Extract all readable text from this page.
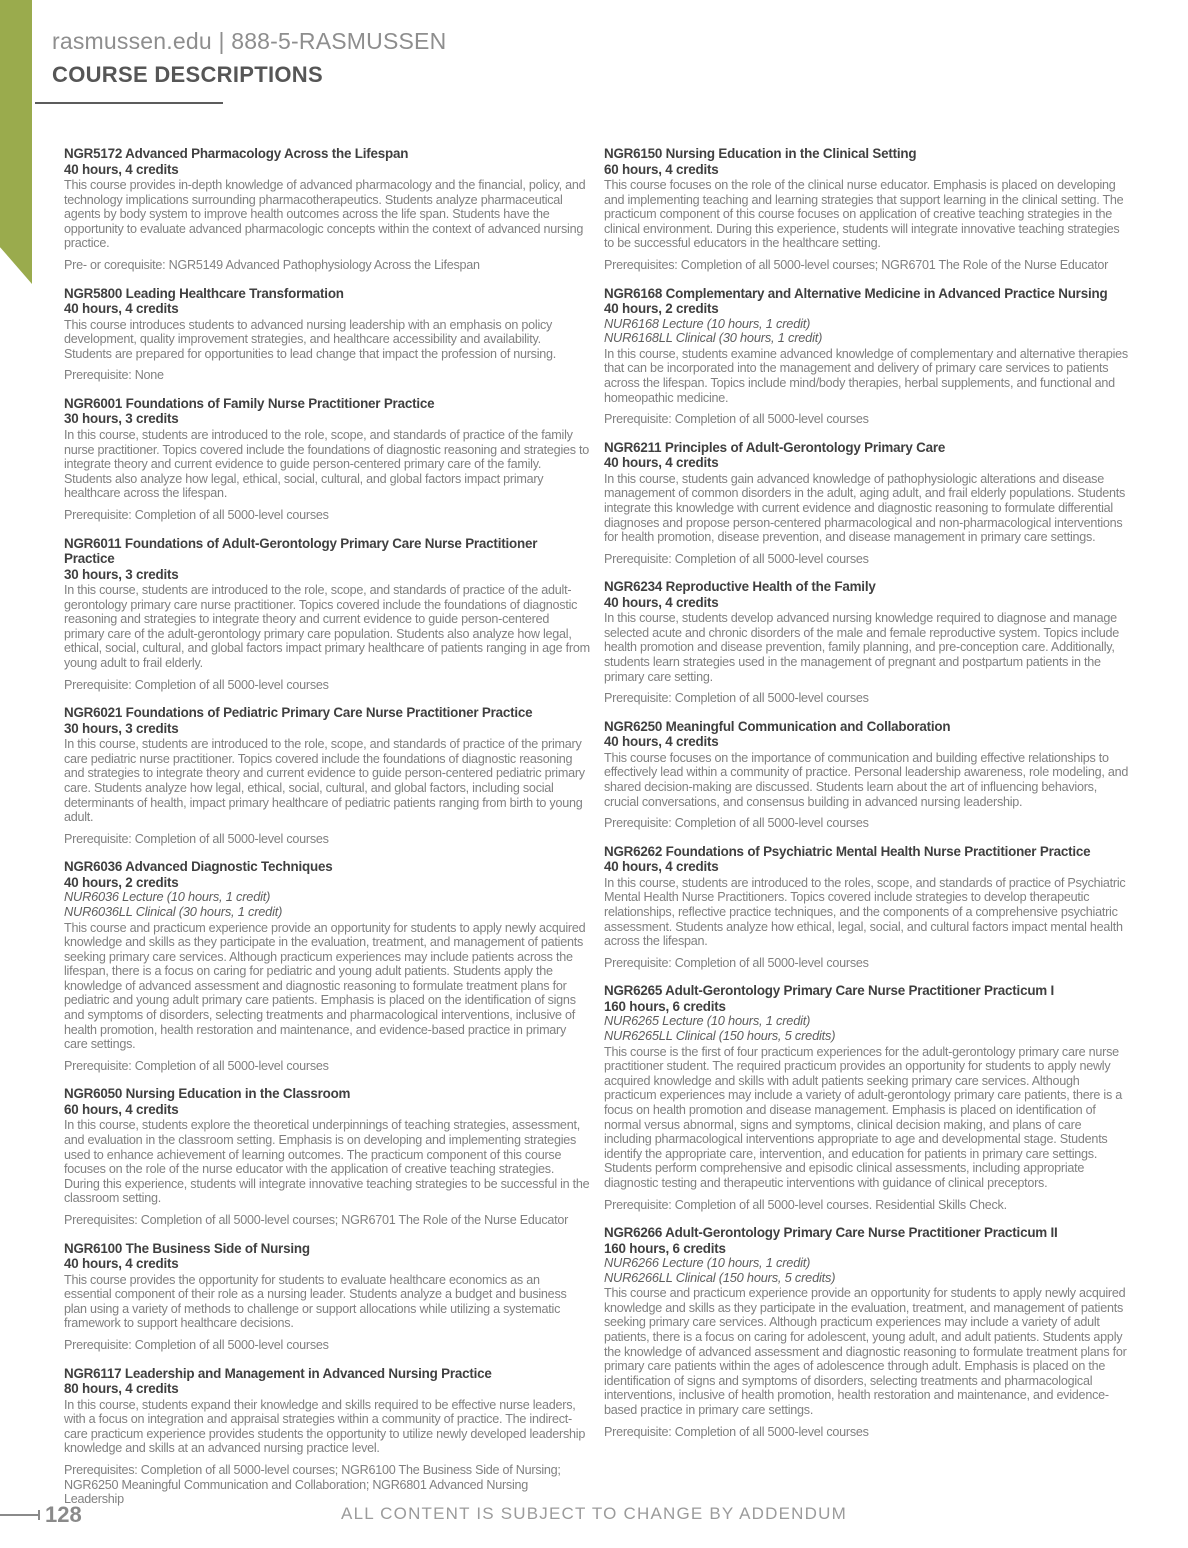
rasmussen.edu | 888-5-RASMUSSEN
COURSE DESCRIPTIONS
NGR5172 Advanced Pharmacology Across the Lifespan
40 hours, 4 credits

This course provides in-depth knowledge of advanced pharmacology and the financial, policy, and technology implications surrounding pharmacotherapeutics. Students analyze pharmaceutical agents by body system to improve health outcomes across the life span. Students have the opportunity to evaluate advanced pharmacologic concepts within the context of advanced nursing practice.

Pre- or corequisite: NGR5149 Advanced Pathophysiology Across the Lifespan

NGR5800 Leading Healthcare Transformation
40 hours, 4 credits

This course introduces students to advanced nursing leadership with an emphasis on policy development, quality improvement strategies, and healthcare accessibility and availability. Students are prepared for opportunities to lead change that impact the profession of nursing.

Prerequisite: None

NGR6001 Foundations of Family Nurse Practitioner Practice
30 hours, 3 credits

In this course, students are introduced to the role, scope, and standards of practice of the family nurse practitioner. Topics covered include the foundations of diagnostic reasoning and strategies to integrate theory and current evidence to guide person-centered primary care of the family. Students also analyze how legal, ethical, social, cultural, and global factors impact primary healthcare across the lifespan.

Prerequisite: Completion of all 5000-level courses

NGR6011 Foundations of Adult-Gerontology Primary Care Nurse Practitioner Practice
30 hours, 3 credits

In this course, students are introduced to the role, scope, and standards of practice of the adult-gerontology primary care nurse practitioner. Topics covered include the foundations of diagnostic reasoning and strategies to integrate theory and current evidence to guide person-centered primary care of the adult-gerontology primary care population. Students also analyze how legal, ethical, social, cultural, and global factors impact primary healthcare of patients ranging in age from young adult to frail elderly.

Prerequisite: Completion of all 5000-level courses

NGR6021 Foundations of Pediatric Primary Care Nurse Practitioner Practice
30 hours, 3 credits

In this course, students are introduced to the role, scope, and standards of practice of the primary care pediatric nurse practitioner. Topics covered include the foundations of diagnostic reasoning and strategies to integrate theory and current evidence to guide person-centered pediatric primary care. Students analyze how legal, ethical, social, cultural, and global factors, including social determinants of health, impact primary healthcare of pediatric patients ranging from birth to young adult.

Prerequisite: Completion of all 5000-level courses

NGR6036 Advanced Diagnostic Techniques
40 hours, 2 credits
NUR6036 Lecture (10 hours, 1 credit)
NUR6036LL Clinical (30 hours, 1 credit)

This course and practicum experience provide an opportunity for students to apply newly acquired knowledge and skills as they participate in the evaluation, treatment, and management of patients seeking primary care services. Although practicum experiences may include patients across the lifespan, there is a focus on caring for pediatric and young adult patients. Students apply the knowledge of advanced assessment and diagnostic reasoning to formulate treatment plans for pediatric and young adult primary care patients. Emphasis is placed on the identification of signs and symptoms of disorders, selecting treatments and pharmacological interventions, inclusive of health promotion, health restoration and maintenance, and evidence-based practice in primary care settings.

Prerequisite: Completion of all 5000-level courses

NGR6050 Nursing Education in the Classroom
60 hours, 4 credits

In this course, students explore the theoretical underpinnings of teaching strategies, assessment, and evaluation in the classroom setting. Emphasis is on developing and implementing strategies used to enhance achievement of learning outcomes. The practicum component of this course focuses on the role of the nurse educator with the application of creative teaching strategies. During this experience, students will integrate innovative teaching strategies to be successful in the classroom setting.

Prerequisites: Completion of all 5000-level courses; NGR6701 The Role of the Nurse Educator

NGR6100 The Business Side of Nursing
40 hours, 4 credits

This course provides the opportunity for students to evaluate healthcare economics as an essential component of their role as a nursing leader. Students analyze a budget and business plan using a variety of methods to challenge or support allocations while utilizing a systematic framework to support healthcare decisions.

Prerequisite: Completion of all 5000-level courses

NGR6117 Leadership and Management in Advanced Nursing Practice
80 hours, 4 credits

In this course, students expand their knowledge and skills required to be effective nurse leaders, with a focus on integration and appraisal strategies within a community of practice. The indirect-care practicum experience provides students the opportunity to utilize newly developed leadership knowledge and skills at an advanced nursing practice level.

Prerequisites: Completion of all 5000-level courses; NGR6100 The Business Side of Nursing; NGR6250 Meaningful Communication and Collaboration; NGR6801 Advanced Nursing Leadership

NGR6150 Nursing Education in the Clinical Setting
60 hours, 4 credits

This course focuses on the role of the clinical nurse educator. Emphasis is placed on developing and implementing teaching and learning strategies that support learning in the clinical setting. The practicum component of this course focuses on application of creative teaching strategies in the clinical environment. During this experience, students will integrate innovative teaching strategies to be successful educators in the healthcare setting.

Prerequisites: Completion of all 5000-level courses; NGR6701 The Role of the Nurse Educator

NGR6168 Complementary and Alternative Medicine in Advanced Practice Nursing
40 hours, 2 credits
NUR6168 Lecture (10 hours, 1 credit)
NUR6168LL Clinical (30 hours, 1 credit)

In this course, students examine advanced knowledge of complementary and alternative therapies that can be incorporated into the management and delivery of primary care services to patients across the lifespan. Topics include mind/body therapies, herbal supplements, and functional and homeopathic medicine.

Prerequisite: Completion of all 5000-level courses

NGR6211 Principles of Adult-Gerontology Primary Care
40 hours, 4 credits

In this course, students gain advanced knowledge of pathophysiologic alterations and disease management of common disorders in the adult, aging adult, and frail elderly populations. Students integrate this knowledge with current evidence and diagnostic reasoning to formulate differential diagnoses and propose person-centered pharmacological and non-pharmacological interventions for health promotion, disease prevention, and disease management in primary care settings.

Prerequisite: Completion of all 5000-level courses

NGR6234 Reproductive Health of the Family
40 hours, 4 credits

In this course, students develop advanced nursing knowledge required to diagnose and manage selected acute and chronic disorders of the male and female reproductive system. Topics include health promotion and disease prevention, family planning, and pre-conception care. Additionally, students learn strategies used in the management of pregnant and postpartum patients in the primary care setting.

Prerequisite: Completion of all 5000-level courses

NGR6250 Meaningful Communication and Collaboration
40 hours, 4 credits

This course focuses on the importance of communication and building effective relationships to effectively lead within a community of practice. Personal leadership awareness, role modeling, and shared decision-making are discussed. Students learn about the art of influencing behaviors, crucial conversations, and consensus building in advanced nursing leadership.

Prerequisite: Completion of all 5000-level courses

NGR6262 Foundations of Psychiatric Mental Health Nurse Practitioner Practice
40 hours, 4 credits

In this course, students are introduced to the roles, scope, and standards of practice of Psychiatric Mental Health Nurse Practitioners. Topics covered include strategies to develop therapeutic relationships, reflective practice techniques, and the components of a comprehensive psychiatric assessment. Students analyze how ethical, legal, social, and cultural factors impact mental health across the lifespan.

Prerequisite: Completion of all 5000-level courses

NGR6265 Adult-Gerontology Primary Care Nurse Practitioner Practicum I
160 hours, 6 credits
NUR6265 Lecture (10 hours, 1 credit)
NUR6265LL Clinical (150 hours, 5 credits)

This course is the first of four practicum experiences for the adult-gerontology primary care nurse practitioner student. The required practicum provides an opportunity for students to apply newly acquired knowledge and skills with adult patients seeking primary care services. Although practicum experiences may include a variety of adult-gerontology primary care patients, there is a focus on health promotion and disease management. Emphasis is placed on identification of normal versus abnormal, signs and symptoms, clinical decision making, and plans of care including pharmacological interventions appropriate to age and developmental stage. Students identify the appropriate care, intervention, and education for patients in primary care settings. Students perform comprehensive and episodic clinical assessments, including appropriate diagnostic testing and therapeutic interventions with guidance of clinical preceptors.

Prerequisite: Completion of all 5000-level courses. Residential Skills Check.

NGR6266 Adult-Gerontology Primary Care Nurse Practitioner Practicum II
160 hours, 6 credits
NUR6266 Lecture (10 hours, 1 credit)
NUR6266LL Clinical (150 hours, 5 credits)

This course and practicum experience provide an opportunity for students to apply newly acquired knowledge and skills as they participate in the evaluation, treatment, and management of patients seeking primary care services. Although practicum experiences may include a variety of adult patients, there is a focus on caring for adolescent, young adult, and adult patients. Students apply the knowledge of advanced assessment and diagnostic reasoning to formulate treatment plans for primary care patients within the ages of adolescence through adult. Emphasis is placed on the identification of signs and symptoms of disorders, selecting treatments and pharmacological interventions, inclusive of health promotion, health restoration and maintenance, and evidence-based practice in primary care settings.

Prerequisite: Completion of all 5000-level courses

128	ALL CONTENT IS SUBJECT TO CHANGE BY ADDENDUM
